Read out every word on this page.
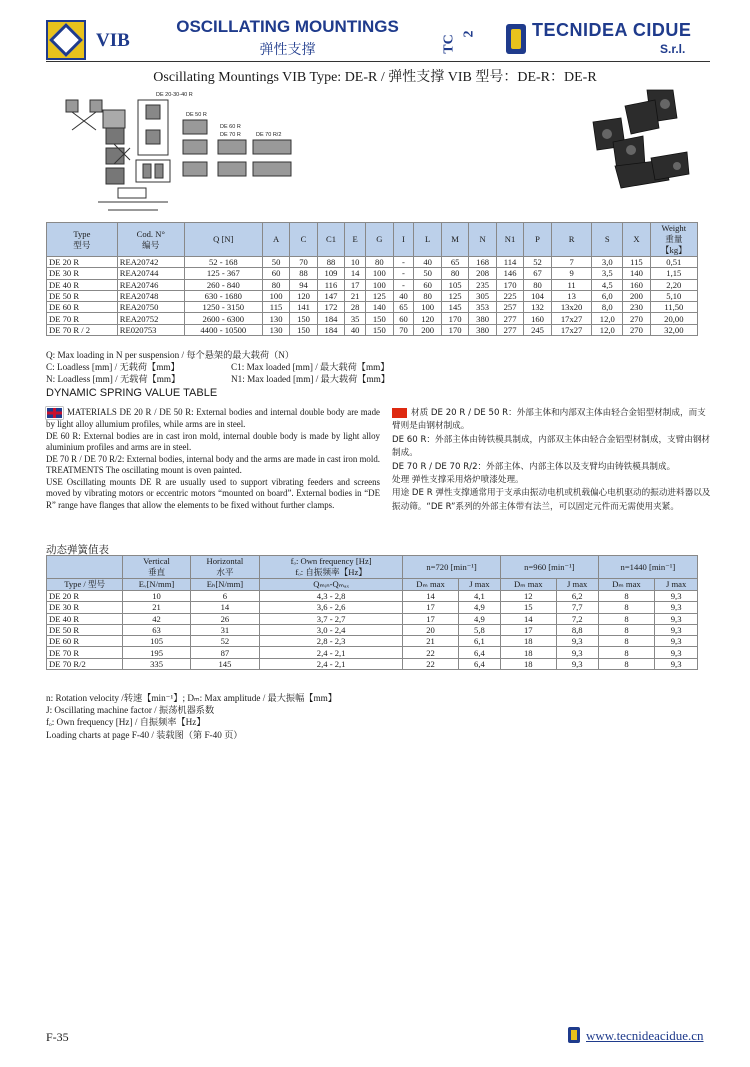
VIB
OSCILLATING MOUNTINGS
弹性支撑	TC
2	TECNIDEA CIDUE
S.r.l.
Oscillating Mountings VIB Type: DE-R / 弹性支撑 VIB 型号：DE-R：DE-R
DE 20-30-40 R
DE 50 R
DE 60 R
DE 70 R	DE 70 R/2
Type
型号	Cod. N°
编号	Q [N]	A	C	C1	E	G	I	L	M	N	N1	P	R	S	X	Weight
重量
【kg】
DE 20 R	REA20742	52 - 168	50	70	88	10	80	-	40	65	168	114	52	7	3,0	115	0,51
DE 30 R	REA20744	125 - 367	60	88	109	14	100	-	50	80	208	146	67	9	3,5	140	1,15
DE 40 R	REA20746	260 - 840	80	94	116	17	100	-	60	105	235	170	80	11	4,5	160	2,20
DE 50 R	REA20748	630 - 1680	100	120	147	21	125	40	80	125	305	225	104	13	6,0	200	5,10
DE 60 R	REA20750	1250 - 3150	115	141	172	28	140	65	100	145	353	257	132	13x20	8,0	230	11,50
DE 70 R	REA20752	2600 - 6300	130	150	184	35	150	60	120	170	380	277	160	17x27	12,0	270	20,00
DE 70 R / 2	RE020753	4400 - 10500	130	150	184	40	150	70	200	170	380	277	245	17x27	12,0	270	32,00
Q: Max loading in N per suspension / 每个悬架的最大载荷（N）
C: Loadless [mm] / 无载荷【mm】	C1: Max loaded [mm] / 最大载荷【mm】
N: Loadless [mm] / 无载荷【mm】	N1: Max loaded [mm] / 最大载荷【mm】
DYNAMIC SPRING VALUE TABLE
MATERIALS DE 20 R / DE 50 R: External bodies and internal double body are made by light alloy allumium profiles, while arms are in steel.
DE 60 R: External bodies are in cast iron mold, internal double body is made by light alloy aluminium profiles and arms are in steel.
DE 70 R / DE 70 R/2: External bodies, internal body and the arms are made in cast iron mold.
TREATMENTS The oscillating mount is oven painted.
USE Oscillating mounts DE R are usually used to support vibrating feeders and screens moved by vibrating motors or eccentric motors “mounted on board”. External bodies in “DE R” range have flanges that allow the elements to be fixed without further clamps.
材质 DE 20 R / DE 50 R：外部主体和内部双主体由轻合金铝型材制成，而支臂则是由钢材制成。
DE 60 R：外部主体由铸铁模具制成，内部双主体由轻合金铝型材制成，支臂由钢材制成。
DE 70 R / DE 70 R/2：外部主体、内部主体以及支臂均由铸铁模具制成。
处理 弹性支撑采用烙炉喷漆处理。
用途 DE R 弹性支撑通常用于支承由振动电机或机载偏心电机驱动的振动进料器以及振动筛。“DE R”系列的外部主体带有法兰，可以固定元件而无需使用夹紧。
动态弹簧值表
	Vertical
垂直	Horizontal
水平	fₒ: Own frequency [Hz]
fₒ: 自振频率【Hz】	n=720 [min⁻¹]		n=960 [min⁻¹]		n=1440 [min⁻¹]	
Type / 型号	Eᵥ[N/mm]	Eₕ[N/mm]	Qₘᵢₙ-Qₘₐₓ	Dₘ max	J max	Dₘ max	J max	Dₘ max	J max
DE 20 R	10	6	4,3 - 2,8	14	4,1	12	6,2	8	9,3
DE 30 R	21	14	3,6 - 2,6	17	4,9	15	7,7	8	9,3
DE 40 R	42	26	3,7 - 2,7	17	4,9	14	7,2	8	9,3
DE 50 R	63	31	3,0 - 2,4	20	5,8	17	8,8	8	9,3
DE 60 R	105	52	2,8 - 2,3	21	6,1	18	9,3	8	9,3
DE 70 R	195	87	2,4 - 2,1	22	6,4	18	9,3	8	9,3
DE 70 R/2	335	145	2,4 - 2,1	22	6,4	18	9,3	8	9,3
n: Rotation velocity /转速【min⁻¹】; Dₘ: Max amplitude / 最大振幅【mm】
J: Oscillating machine factor / 振荡机器系数
fₒ: Own frequency [Hz] / 自振频率【Hz】
Loading charts at page F-40 / 装载图（第 F-40 页）
F-35	www.tecnideacidue.cn
